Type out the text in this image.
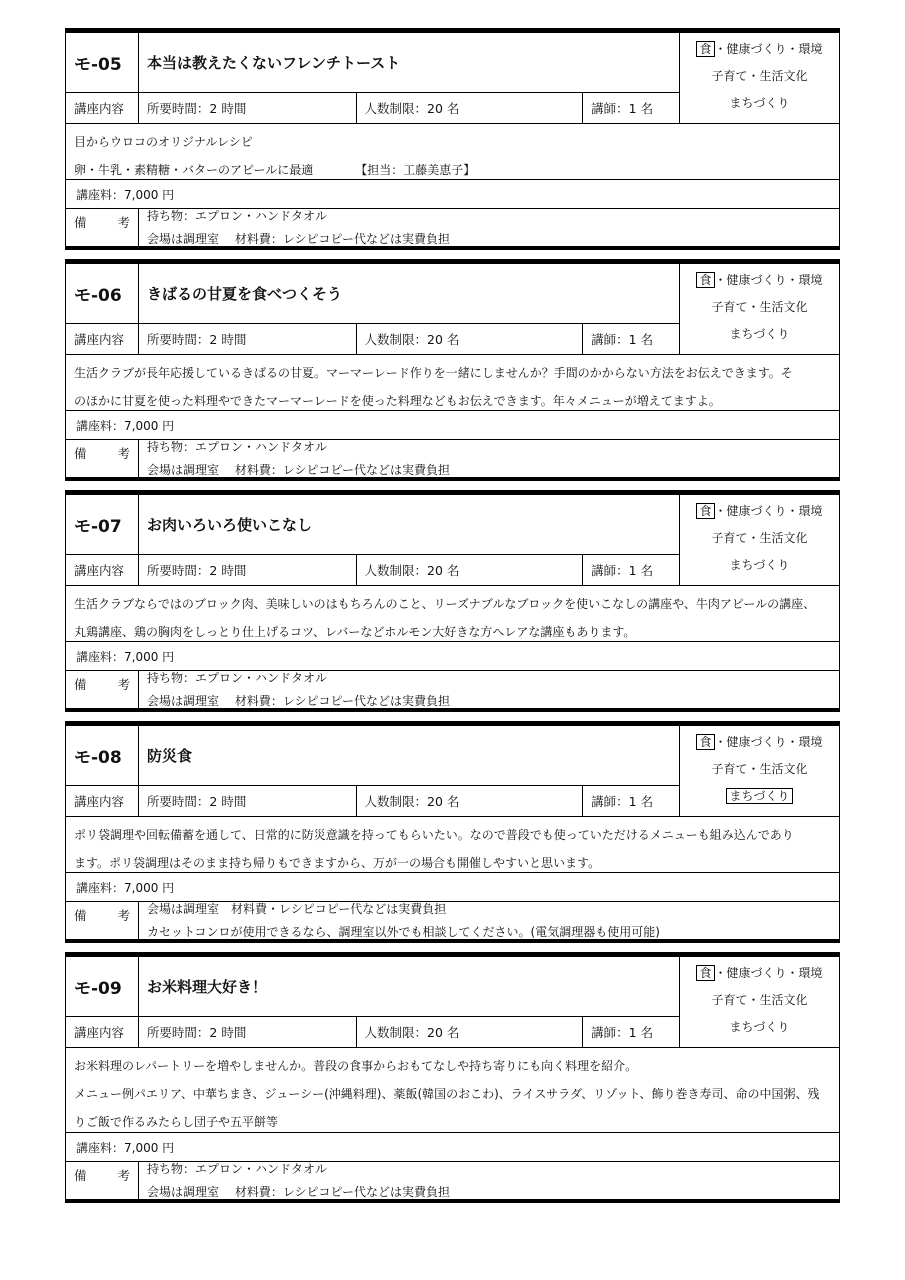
モ-05	本当は教えたくないフレンチトースト
食 ・健康づくり・環境
子育て・生活文化
まちづくり
講座内容	所要時間：2 時間	人数制限：20 名	講師：1 名
目からウロコのオリジナルレシピ
卵・牛乳・素精糖・バターのアピールに最適　　　　【担当：工藤美恵子】
講座料：7,000 円
備 考 持ち物：エプロン・ハンドタオル
会場は調理室　 材料費：レシピコピー代などは実費負担
モ-06	きばるの甘夏を食べつくそう
食 ・健康づくり・環境
子育て・生活文化
まちづくり
講座内容	所要時間：2 時間	人数制限：20 名	講師：1 名
生活クラブが長年応援しているきばるの甘夏。マーマーレード作りを一緒にしませんか？手間のかからない方法をお伝えできます。そ
のほかに甘夏を使った料理やできたマーマーレードを使った料理などもお伝えできます。年々メニューが増えてますよ。
講座料：7,000 円
備 考 持ち物：エプロン・ハンドタオル
会場は調理室　 材料費：レシピコピー代などは実費負担
モ-07	お肉いろいろ使いこなし
食 ・健康づくり・環境
子育て・生活文化
まちづくり
講座内容	所要時間：2 時間	人数制限：20 名	講師：1 名
生活クラブならではのブロック肉、美味しいのはもちろんのこと、リーズナブルなブロックを使いこなしの講座や、牛肉アピールの講座、
丸鶏講座、鶏の胸肉をしっとり仕上げるコツ、レバーなどホルモン大好きな方へレアな講座もあります。
講座料：7,000 円
備 考 持ち物：エプロン・ハンドタオル
会場は調理室　 材料費：レシピコピー代などは実費負担
モ-08	防災食
食 ・健康づくり・環境
子育て・生活文化
まちづくり
講座内容	所要時間：2 時間	人数制限：20 名	講師：1 名
ポリ袋調理や回転備蓄を通して、日常的に防災意識を持ってもらいたい。なので普段でも使っていただけるメニューも組み込んであり
ます。ポリ袋調理はそのまま持ち帰りもできますから、万が一の場合も開催しやすいと思います。
講座料：7,000 円
備 考 会場は調理室　材料費・レシピコピー代などは実費負担
カセットコンロが使用できるなら、調理室以外でも相談してください。(電気調理器も使用可能)
モ-09	お米料理大好き！
食 ・健康づくり・環境
子育て・生活文化
まちづくり
講座内容	所要時間：2 時間	人数制限：20 名	講師：1 名
お米料理のレパートリーを増やしませんか。普段の食事からおもてなしや持ち寄りにも向く料理を紹介。
メニュー例パエリア、中華ちまき、ジューシー(沖縄料理)、薬飯(韓国のおこわ)、ライスサラダ、リゾット、飾り巻き寿司、命の中国粥、残
りご飯で作るみたらし団子や五平餅等
講座料：7,000 円
備 考 持ち物：エプロン・ハンドタオル
会場は調理室　 材料費：レシピコピー代などは実費負担
